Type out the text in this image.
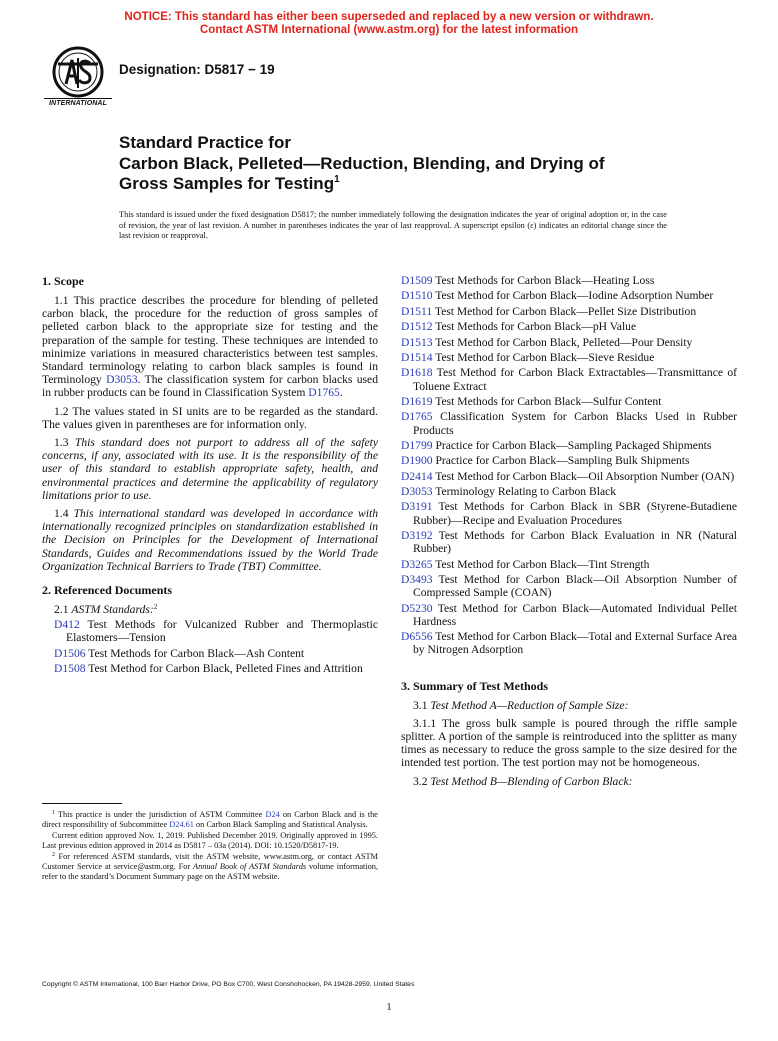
NOTICE: This standard has either been superseded and replaced by a new version or withdrawn.
Contact ASTM International (www.astm.org) for the latest information
INTERNATIONAL
Designation: D5817 − 19
Standard Practice for
Carbon Black, Pelleted—Reduction, Blending, and Drying of
Gross Samples for Testing$^1$
This standard is issued under the fixed designation D5817; the number immediately following the designation indicates the year of original adoption or, in the case of revision, the year of last revision. A number in parentheses indicates the year of last reapproval. A superscript epsilon (ε) indicates an editorial change since the last revision or reapproval.
1. Scope

1.1 This practice describes the procedure for blending of pelleted carbon black, the procedure for the reduction of gross samples of pelleted carbon black to the appropriate size for testing and the preparation of the sample for testing. These techniques are intended to minimize variations in measured characteristics between test samples. Standard terminology relating to carbon black samples is found in Terminology D3053. The classification system for carbon blacks used in rubber products can be found in Classification System D1765.

1.2 The values stated in SI units are to be regarded as the standard. The values given in parentheses are for information only.

1.3 This standard does not purport to address all of the safety concerns, if any, associated with its use. It is the responsibility of the user of this standard to establish appropriate safety, health, and environmental practices and determine the applicability of regulatory limitations prior to use.

1.4 This international standard was developed in accordance with internationally recognized principles on standardization established in the Decision on Principles for the Development of International Standards, Guides and Recommendations issued by the World Trade Organization Technical Barriers to Trade (TBT) Committee.

2. Referenced Documents
2.1 ASTM Standards:$^2$
D412 Test Methods for Vulcanized Rubber and Thermoplastic Elastomers—Tension
D1506 Test Methods for Carbon Black—Ash Content
D1508 Test Method for Carbon Black, Pelleted Fines and Attrition
D1509 Test Methods for Carbon Black—Heating Loss
D1510 Test Method for Carbon Black—Iodine Adsorption Number
D1511 Test Method for Carbon Black—Pellet Size Distribution
D1512 Test Methods for Carbon Black—pH Value
D1513 Test Method for Carbon Black, Pelleted—Pour Density
D1514 Test Method for Carbon Black—Sieve Residue
D1618 Test Method for Carbon Black Extractables—Transmittance of Toluene Extract
D1619 Test Methods for Carbon Black—Sulfur Content
D1765 Classification System for Carbon Blacks Used in Rubber Products
D1799 Practice for Carbon Black—Sampling Packaged Shipments
D1900 Practice for Carbon Black—Sampling Bulk Shipments
D2414 Test Method for Carbon Black—Oil Absorption Number (OAN)
D3053 Terminology Relating to Carbon Black
D3191 Test Methods for Carbon Black in SBR (Styrene-Butadiene Rubber)—Recipe and Evaluation Procedures
D3192 Test Methods for Carbon Black Evaluation in NR (Natural Rubber)
D3265 Test Method for Carbon Black—Tint Strength
D3493 Test Method for Carbon Black—Oil Absorption Number of Compressed Sample (COAN)
D5230 Test Method for Carbon Black—Automated Individual Pellet Hardness
D6556 Test Method for Carbon Black—Total and External Surface Area by Nitrogen Adsorption
3. Summary of Test Methods

3.1 Test Method A—Reduction of Sample Size:

3.1.1 The gross bulk sample is poured through the riffle sample splitter. A portion of the sample is reintroduced into the splitter as many times as necessary to reduce the gross sample to the size desired for the intended test portion. The test portion may not be homogeneous.

3.2 Test Method B—Blending of Carbon Black:

$^1$ This practice is under the jurisdiction of ASTM Committee D24 on Carbon Black and is the direct responsibility of Subcommittee D24.61 on Carbon Black Sampling and Statistical Analysis.

Current edition approved Nov. 1, 2019. Published December 2019. Originally approved in 1995. Last previous edition approved in 2014 as D5817 – 03a (2014). DOI: 10.1520/D5817-19.

$^2$ For referenced ASTM standards, visit the ASTM website, www.astm.org, or contact ASTM Customer Service at service@astm.org. For Annual Book of ASTM Standards volume information, refer to the standard’s Document Summary page on the ASTM website.

Copyright © ASTM International, 100 Barr Harbor Drive, PO Box C700, West Conshohocken, PA 19428-2959. United States
1
